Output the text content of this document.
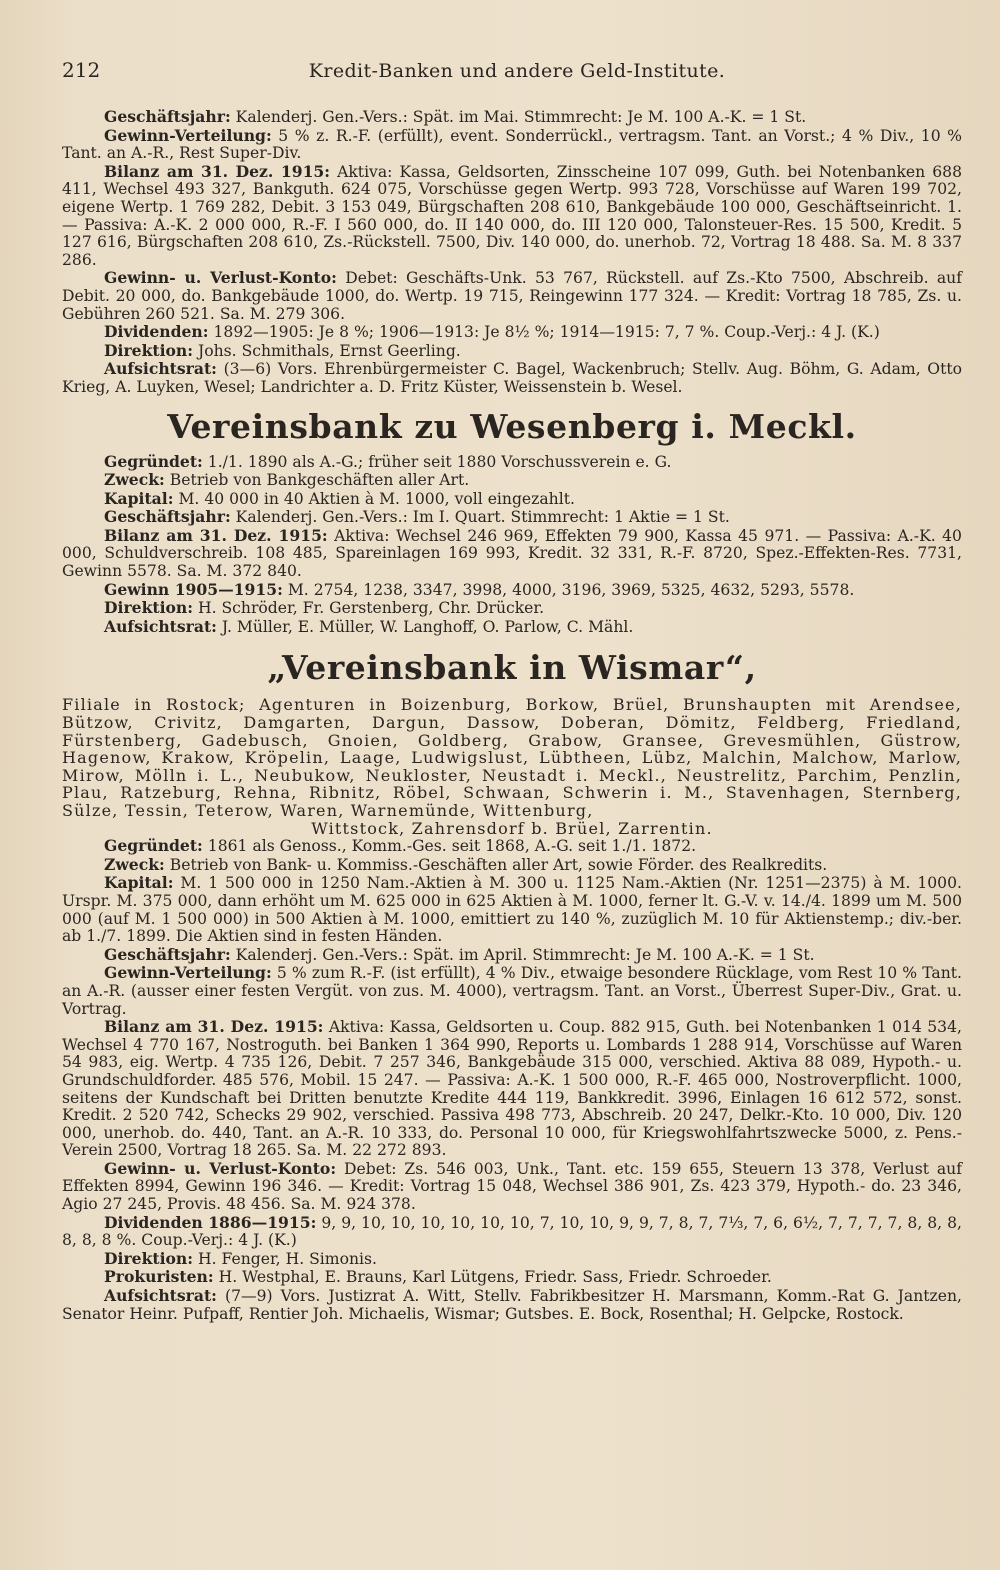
212	Kredit-Banken und andere Geld-Institute.

Geschäftsjahr: Kalenderj. Gen.-Vers.: Spät. im Mai. Stimmrecht: Je M. 100 A.-K. = 1 St.

Gewinn-Verteilung: 5 % z. R.-F. (erfüllt), event. Sonderrückl., vertragsm. Tant. an Vorst.; 4 % Div., 10 % Tant. an A.-R., Rest Super-Div.

Bilanz am 31. Dez. 1915: Aktiva: Kassa, Geldsorten, Zinsscheine 107 099, Guth. bei Notenbanken 688 411, Wechsel 493 327, Bankguth. 624 075, Vorschüsse gegen Wertp. 993 728, Vorschüsse auf Waren 199 702, eigene Wertp. 1 769 282, Debit. 3 153 049, Bürgschaften 208 610, Bankgebäude 100 000, Geschäftseinricht. 1. — Passiva: A.-K. 2 000 000, R.-F. I 560 000, do. II 140 000, do. III 120 000, Talonsteuer-Res. 15 500, Kredit. 5 127 616, Bürgschaften 208 610, Zs.-Rückstell. 7500, Div. 140 000, do. unerhob. 72, Vortrag 18 488. Sa. M. 8 337 286.

Gewinn- u. Verlust-Konto: Debet: Geschäfts-Unk. 53 767, Rückstell. auf Zs.-Kto 7500, Abschreib. auf Debit. 20 000, do. Bankgebäude 1000, do. Wertp. 19 715, Reingewinn 177 324. — Kredit: Vortrag 18 785, Zs. u. Gebühren 260 521. Sa. M. 279 306.

Dividenden: 1892—1905: Je 8 %; 1906—1913: Je 8½ %; 1914—1915: 7, 7 %. Coup.-Verj.: 4 J. (K.)

Direktion: Johs. Schmithals, Ernst Geerling.

Aufsichtsrat: (3—6) Vors. Ehrenbürgermeister C. Bagel, Wackenbruch; Stellv. Aug. Böhm, G. Adam, Otto Krieg, A. Luyken, Wesel; Landrichter a. D. Fritz Küster, Weissenstein b. Wesel.

Vereinsbank zu Wesenberg i. Meckl.

Gegründet: 1./1. 1890 als A.-G.; früher seit 1880 Vorschussverein e. G.

Zweck: Betrieb von Bankgeschäften aller Art.

Kapital: M. 40 000 in 40 Aktien à M. 1000, voll eingezahlt.

Geschäftsjahr: Kalenderj. Gen.-Vers.: Im I. Quart. Stimmrecht: 1 Aktie = 1 St.

Bilanz am 31. Dez. 1915: Aktiva: Wechsel 246 969, Effekten 79 900, Kassa 45 971. — Passiva: A.-K. 40 000, Schuldverschreib. 108 485, Spareinlagen 169 993, Kredit. 32 331, R.-F. 8720, Spez.-Effekten-Res. 7731, Gewinn 5578. Sa. M. 372 840.

Gewinn 1905—1915: M. 2754, 1238, 3347, 3998, 4000, 3196, 3969, 5325, 4632, 5293, 5578.

Direktion: H. Schröder, Fr. Gerstenberg, Chr. Drücker.

Aufsichtsrat: J. Müller, E. Müller, W. Langhoff, O. Parlow, C. Mähl.

„Vereinsbank in Wismar“,

Filiale in Rostock; Agenturen in Boizenburg, Borkow, Brüel, Brunshaupten mit Arendsee, Bützow, Crivitz, Damgarten, Dargun, Dassow, Doberan, Dömitz, Feldberg, Friedland, Fürstenberg, Gadebusch, Gnoien, Goldberg, Grabow, Gransee, Grevesmühlen, Güstrow, Hagenow, Krakow, Kröpelin, Laage, Ludwigslust, Lübtheen, Lübz, Malchin, Malchow, Marlow, Mirow, Mölln i. L., Neubukow, Neukloster, Neustadt i. Meckl., Neustrelitz, Parchim, Penzlin, Plau, Ratzeburg, Rehna, Ribnitz, Röbel, Schwaan, Schwerin i. M., Stavenhagen, Sternberg, Sülze, Tessin, Teterow, Waren, Warnemünde, Wittenburg,

Wittstock, Zahrensdorf b. Brüel, Zarrentin.

Gegründet: 1861 als Genoss., Komm.-Ges. seit 1868, A.-G. seit 1./1. 1872.

Zweck: Betrieb von Bank- u. Kommiss.-Geschäften aller Art, sowie Förder. des Realkredits.

Kapital: M. 1 500 000 in 1250 Nam.-Aktien à M. 300 u. 1125 Nam.-Aktien (Nr. 1251—2375) à M. 1000. Urspr. M. 375 000, dann erhöht um M. 625 000 in 625 Aktien à M. 1000, ferner lt. G.-V. v. 14./4. 1899 um M. 500 000 (auf M. 1 500 000) in 500 Aktien à M. 1000, emittiert zu 140 %, zuzüglich M. 10 für Aktienstemp.; div.-ber. ab 1./7. 1899. Die Aktien sind in festen Händen.

Geschäftsjahr: Kalenderj. Gen.-Vers.: Spät. im April. Stimmrecht: Je M. 100 A.-K. = 1 St.

Gewinn-Verteilung: 5 % zum R.-F. (ist erfüllt), 4 % Div., etwaige besondere Rücklage, vom Rest 10 % Tant. an A.-R. (ausser einer festen Vergüt. von zus. M. 4000), vertragsm. Tant. an Vorst., Überrest Super-Div., Grat. u. Vortrag.

Bilanz am 31. Dez. 1915: Aktiva: Kassa, Geldsorten u. Coup. 882 915, Guth. bei Notenbanken 1 014 534, Wechsel 4 770 167, Nostroguth. bei Banken 1 364 990, Reports u. Lombards 1 288 914, Vorschüsse auf Waren 54 983, eig. Wertp. 4 735 126, Debit. 7 257 346, Bankgebäude 315 000, verschied. Aktiva 88 089, Hypoth.- u. Grundschuldforder. 485 576, Mobil. 15 247. — Passiva: A.-K. 1 500 000, R.-F. 465 000, Nostroverpflicht. 1000, seitens der Kundschaft bei Dritten benutzte Kredite 444 119, Bankkredit. 3996, Einlagen 16 612 572, sonst. Kredit. 2 520 742, Schecks 29 902, verschied. Passiva 498 773, Abschreib. 20 247, Delkr.-Kto. 10 000, Div. 120 000, unerhob. do. 440, Tant. an A.-R. 10 333, do. Personal 10 000, für Kriegswohlfahrtszwecke 5000, z. Pens.-Verein 2500, Vortrag 18 265. Sa. M. 22 272 893.

Gewinn- u. Verlust-Konto: Debet: Zs. 546 003, Unk., Tant. etc. 159 655, Steuern 13 378, Verlust auf Effekten 8994, Gewinn 196 346. — Kredit: Vortrag 15 048, Wechsel 386 901, Zs. 423 379, Hypoth.- do. 23 346, Agio 27 245, Provis. 48 456. Sa. M. 924 378.

Dividenden 1886—1915: 9, 9, 10, 10, 10, 10, 10, 10, 7, 10, 10, 9, 9, 7, 8, 7, 7⅓, 7, 6, 6½, 7, 7, 7, 7, 8, 8, 8, 8, 8, 8 %. Coup.-Verj.: 4 J. (K.)

Direktion: H. Fenger, H. Simonis.

Prokuristen: H. Westphal, E. Brauns, Karl Lütgens, Friedr. Sass, Friedr. Schroeder.

Aufsichtsrat: (7—9) Vors. Justizrat A. Witt, Stellv. Fabrikbesitzer H. Marsmann, Komm.-Rat G. Jantzen, Senator Heinr. Pufpaff, Rentier Joh. Michaelis, Wismar; Gutsbes. E. Bock, Rosenthal; H. Gelpcke, Rostock.
